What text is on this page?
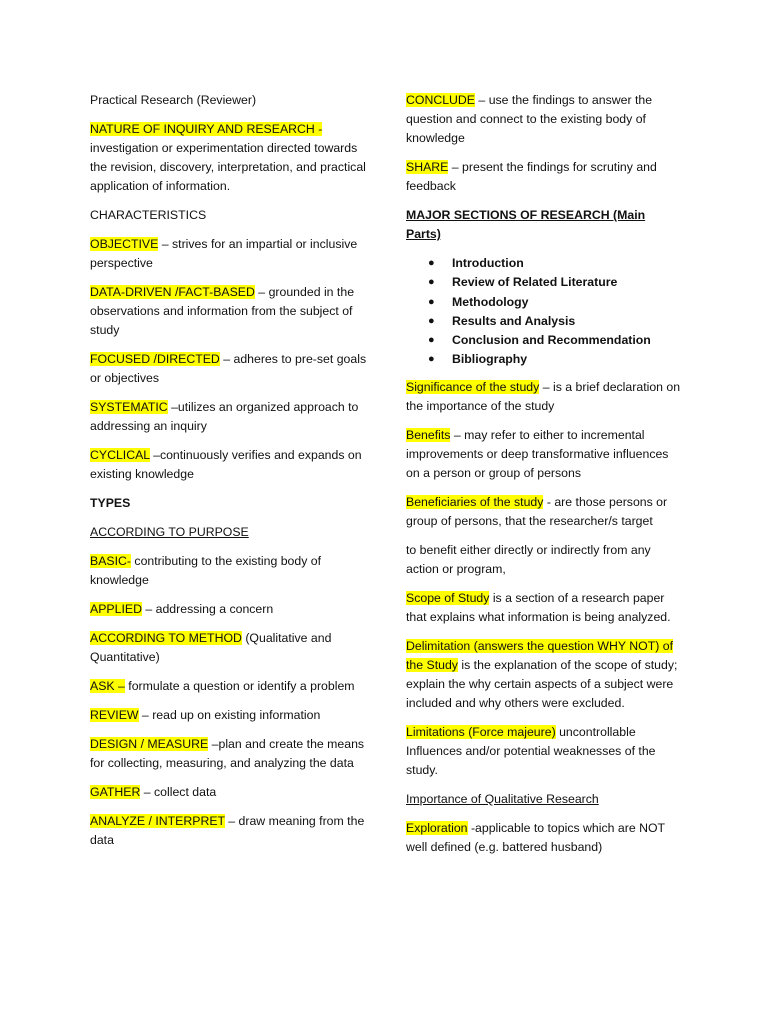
Practical Research (Reviewer)

NATURE OF INQUIRY AND RESEARCH -
investigation or experimentation directed towards the revision, discovery, interpretation, and practical application of information.

CHARACTERISTICS

OBJECTIVE – strives for an impartial or inclusive perspective

DATA-DRIVEN /FACT-BASED – grounded in the observations and information from the subject of study

FOCUSED /DIRECTED – adheres to pre-set goals or objectives

SYSTEMATIC –utilizes an organized approach to addressing an inquiry

CYCLICAL –continuously verifies and expands on existing knowledge

TYPES

ACCORDING TO PURPOSE

BASIC- contributing to the existing body of knowledge

APPLIED – addressing a concern

ACCORDING TO METHOD (Qualitative and Quantitative)

ASK – formulate a question or identify a problem

REVIEW – read up on existing information

DESIGN / MEASURE –plan and create the means for collecting, measuring, and analyzing the data

GATHER – collect data

ANALYZE / INTERPRET – draw meaning from the data

CONCLUDE – use the findings to answer the question and connect to the existing body of knowledge

SHARE – present the findings for scrutiny and feedback

MAJOR SECTIONS OF RESEARCH (Main Parts)

● Introduction
● Review of Related Literature
● Methodology
● Results and Analysis
● Conclusion and Recommendation
● Bibliography

Significance of the study – is a brief declaration on the importance of the study

Benefits – may refer to either to incremental improvements or deep transformative influences on a person or group of persons

Beneficiaries of the study - are those persons or group of persons, that the researcher/s target

to benefit either directly or indirectly from any action or program,

Scope of Study is a section of a research paper that explains what information is being analyzed.

Delimitation (answers the question WHY NOT) of the Study is the explanation of the scope of study; explain the why certain aspects of a subject were included and why others were excluded.

Limitations (Force majeure) uncontrollable Influences and/or potential weaknesses of the study.

Importance of Qualitative Research

Exploration -applicable to topics which are NOT well defined (e.g. battered husband)
